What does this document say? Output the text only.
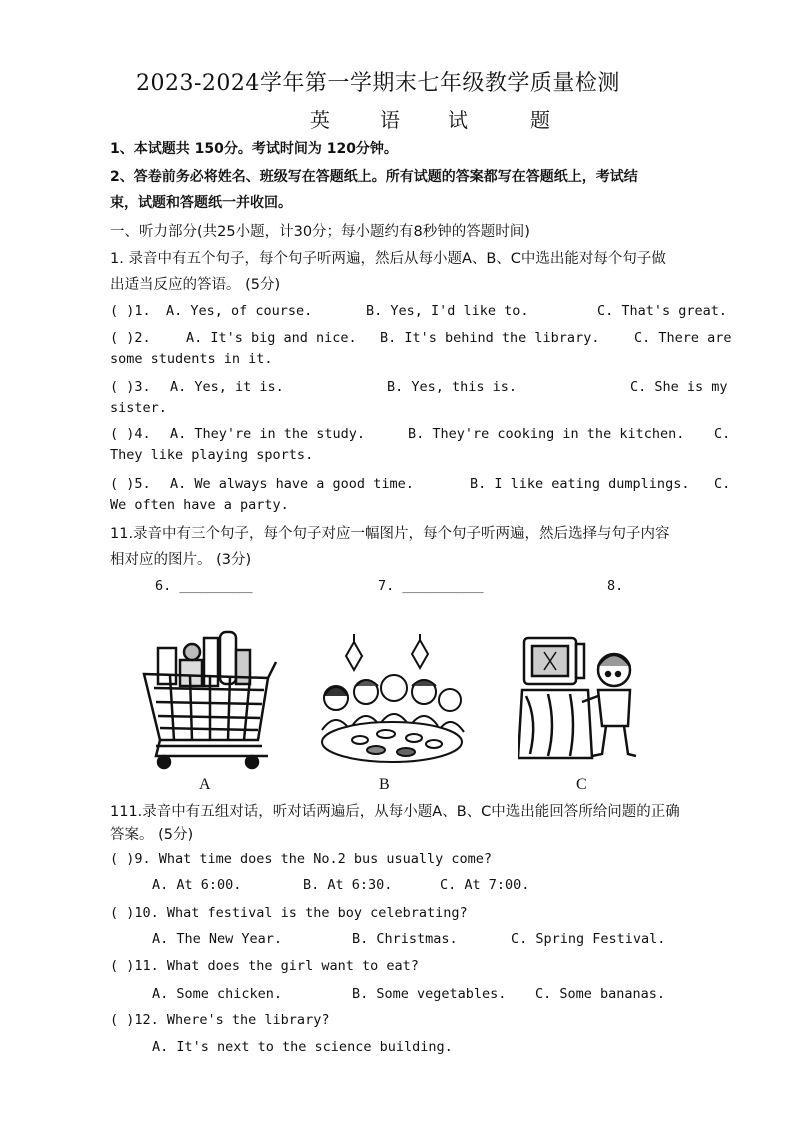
2023-2024学年第一学期末七年级教学质量检测
英	语 试	题
1、本试题共 150分。考试时间为 120分钟。
2、答卷前务必将姓名、班级写在答题纸上。所有试题的答案都写在答题纸上，考试结
束，试题和答题纸一并收回。
一、听力部分(共25小题，计30分；每小题约有8秒钟的答题时间)
1. 录音中有五个句子，每个句子听两遍，然后从每小题A、B、C中选出能对每个句子做
出适当反应的答语。 (5分)
( )1. A. Yes, of course.	B. Yes, I'd like to.	C. That's great.
( )2.	A. It's big and nice. B. It's behind the library.	C. There are
some students in it.
( )3. A. Yes, it is.	B. Yes, this is.	C. She is my
sister.
( )4. A. They're in the study.	B. They're cooking in the kitchen. C.
They like playing sports.
( )5. A. We always have a good time.	B. I like eating dumplings. C.
We often have a party.
11.录音中有三个句子，每个句子对应一幅图片，每个句子听两遍，然后选择与句子内容
相对应的图片。 (3分)
6. _________	7. __________	8.
A	B	C
111.录音中有五组对话，听对话两遍后，从每小题A、B、C中选出能回答所给问题的正确
答案。 (5分)
( )9. What time does the No.2 bus usually come?
A. At 6:00.	B. At 6:30.	C. At 7:00.
( )10. What festival is the boy celebrating?
A. The New Year.	B. Christmas.	C. Spring Festival.
( )11. What does the girl want to eat?
A. Some chicken.	B. Some vegetables. C. Some bananas.
( )12. Where's the library?
A. It's next to the science building.
